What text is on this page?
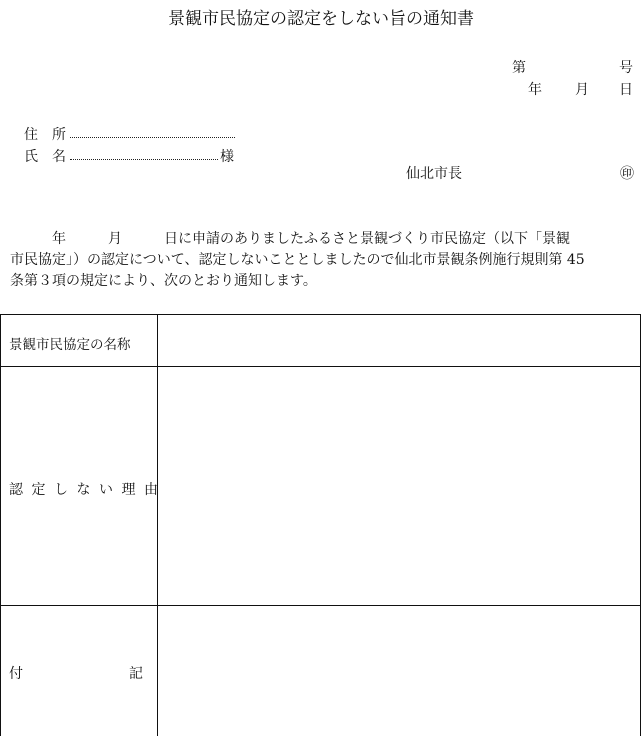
景観市民協定の認定をしない旨の通知書
第	号
年 月 日
住　所
氏　名	様
仙北市長	㊞
　　　年　　　月　　　日に申請のありましたふるさと景観づくり市民協定（以下「景観
市民協定」）の認定について、認定しないこととしましたので仙北市景観条例施行規則第 45
条第３項の規定により、次のとおり通知します。
景観市民協定の名称
認定しない理由
付記
